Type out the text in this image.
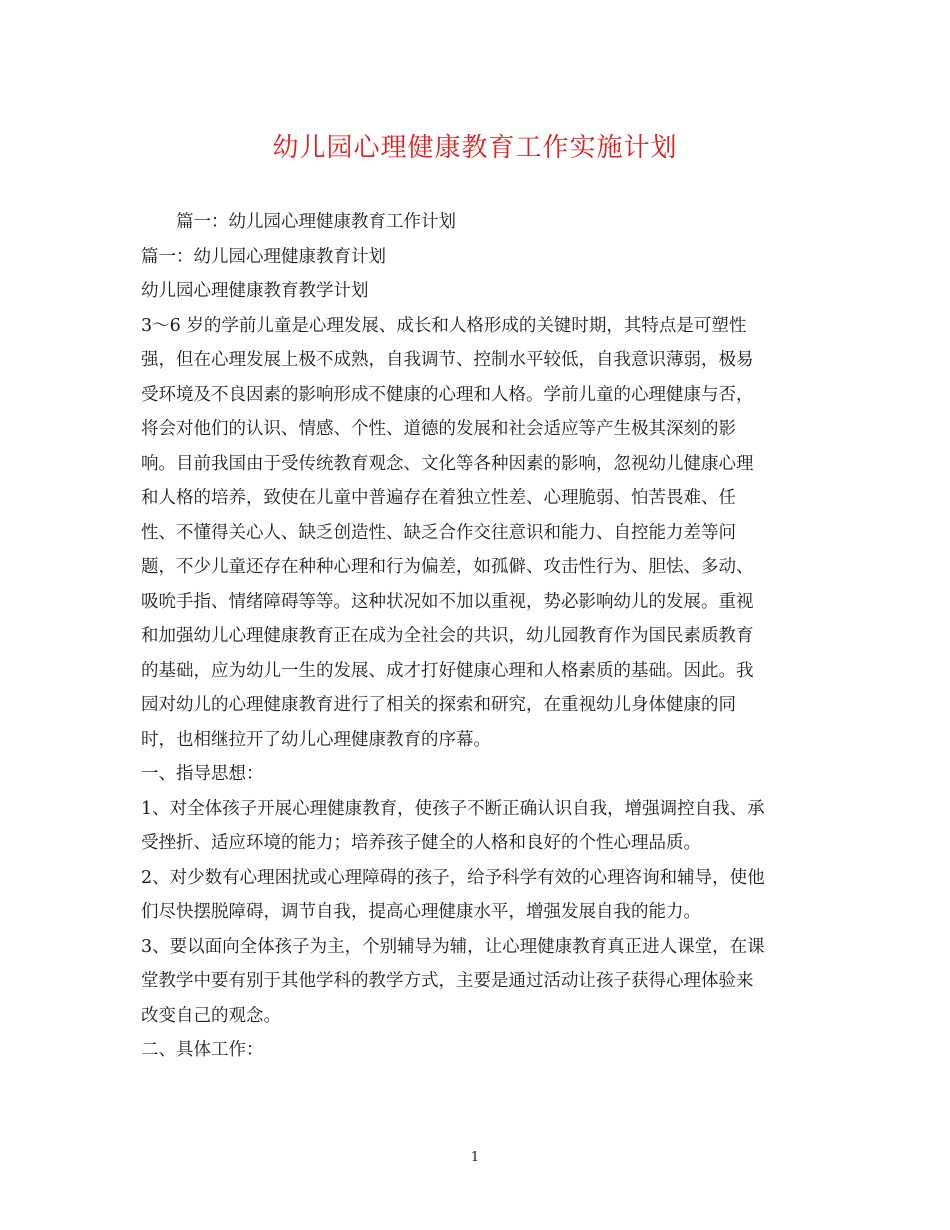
幼儿园心理健康教育工作实施计划
篇一：幼儿园心理健康教育工作计划
篇一：幼儿园心理健康教育计划
幼儿园心理健康教育教学计划
3～6 岁的学前儿童是心理发展、成长和人格形成的关键时期，其特点是可塑性
强，但在心理发展上极不成熟，自我调节、控制水平较低，自我意识薄弱，极易
受环境及不良因素的影响形成不健康的心理和人格。学前儿童的心理健康与否，
将会对他们的认识、情感、个性、道德的发展和社会适应等产生极其深刻的影
响。目前我国由于受传统教育观念、文化等各种因素的影响，忽视幼儿健康心理
和人格的培养，致使在儿童中普遍存在着独立性差、心理脆弱、怕苦畏难、任
性、不懂得关心人、缺乏创造性、缺乏合作交往意识和能力、自控能力差等问
题，不少儿童还存在种种心理和行为偏差，如孤僻、攻击性行为、胆怯、多动、
吸吮手指、情绪障碍等等。这种状况如不加以重视，势必影响幼儿的发展。重视
和加强幼儿心理健康教育正在成为全社会的共识，幼儿园教育作为国民素质教育
的基础，应为幼儿一生的发展、成才打好健康心理和人格素质的基础。因此。我
园对幼儿的心理健康教育进行了相关的探索和研究，在重视幼儿身体健康的同
时，也相继拉开了幼儿心理健康教育的序幕。
一、指导思想：
1、对全体孩子开展心理健康教育，使孩子不断正确认识自我，增强调控自我、承
受挫折、适应环境的能力；培养孩子健全的人格和良好的个性心理品质。
2、对少数有心理困扰或心理障碍的孩子，给予科学有效的心理咨询和辅导，使他
们尽快摆脱障碍，调节自我，提高心理健康水平，增强发展自我的能力。
3、要以面向全体孩子为主，个别辅导为辅，让心理健康教育真正进人课堂，在课
堂教学中要有别于其他学科的教学方式，主要是通过活动让孩子获得心理体验来
改变自己的观念。
二、具体工作：
1
